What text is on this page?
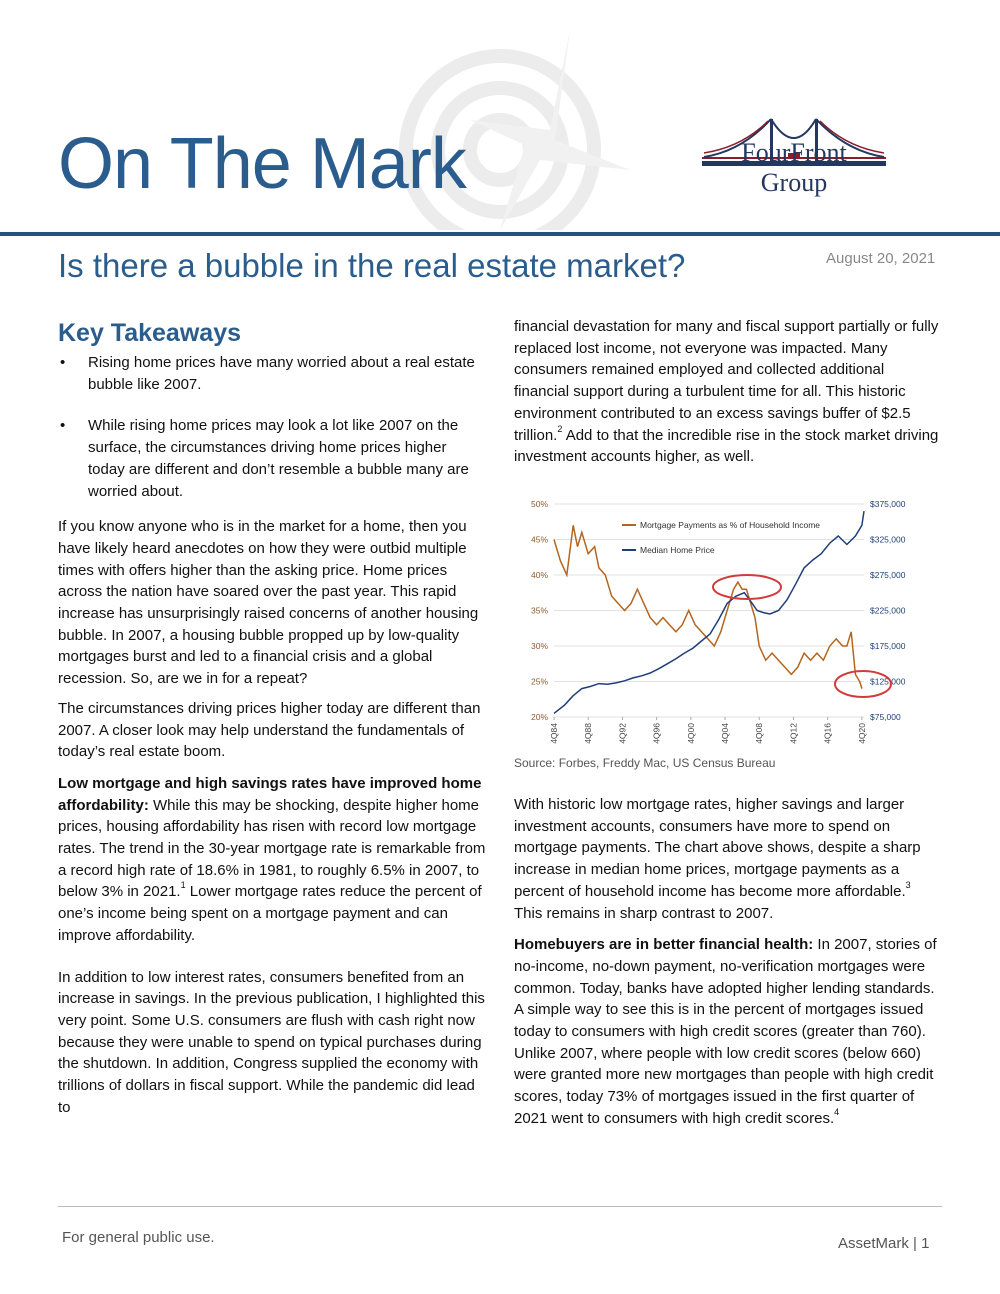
On The Mark	FourFront
Group
Is there a bubble in the real estate market?	August 20, 2021
Key Takeaways
• Rising home prices have many worried about a real estate bubble like 2007.
• While rising home prices may look a lot like 2007 on the surface, the circumstances driving home prices higher today are different and don’t resemble a bubble many are worried about.

If you know anyone who is in the market for a home, then you have likely heard anecdotes on how they were outbid multiple times with offers higher than the asking price. Home prices across the nation have soared over the past year. This rapid increase has unsurprisingly raised concerns of another housing bubble. In 2007, a housing bubble propped up by low-quality mortgages burst and led to a financial crisis and a global recession. So, are we in for a repeat?

The circumstances driving prices higher today are different than 2007. A closer look may help understand the fundamentals of today’s real estate boom.

Low mortgage and high savings rates have improved home affordability: While this may be shocking, despite higher home prices, housing affordability has risen with record low mortgage rates. The trend in the 30-year mortgage rate is remarkable from a record high rate of 18.6% in 1981, to roughly 6.5% in 2007, to below 3% in 2021.$^1$ Lower mortgage rates reduce the percent of one’s income being spent on a mortgage payment and can improve affordability.

In addition to low interest rates, consumers benefited from an increase in savings. In the previous publication, I highlighted this very point. Some U.S. consumers are flush with cash right now because they were unable to spend on typical purchases during the shutdown. In addition, Congress supplied the economy with trillions of dollars in fiscal support. While the pandemic did lead to

financial devastation for many and fiscal support partially or fully replaced lost income, not everyone was impacted. Many consumers remained employed and collected additional financial support during a turbulent time for all. This historic environment contributed to an excess savings buffer of $2.5 trillion.$^2$ Add to that the incredible rise in the stock market driving investment accounts higher, as well.

50%
45%
40%
35%
30%
25%
20%
$375,000
$325,000
$275,000
$225,000
$175,000
$125,000
$75,000
4Q84	4Q88	4Q92	4Q96	4Q00	4Q04	4Q08	4Q12	4Q16	4Q20
Mortgage Payments as % of Household Income
Median Home Price
Source: Forbes, Freddy Mac, US Census Bureau

With historic low mortgage rates, higher savings and larger investment accounts, consumers have more to spend on mortgage payments. The chart above shows, despite a sharp increase in median home prices, mortgage payments as a percent of household income has become more affordable.$^3$ This remains in sharp contrast to 2007.

Homebuyers are in better financial health: In 2007, stories of no-income, no-down payment, no-verification mortgages were common. Today, banks have adopted higher lending standards. A simple way to see this is in the percent of mortgages issued today to consumers with high credit scores (greater than 760). Unlike 2007, where people with low credit scores (below 660) were granted more new mortgages than people with high credit scores, today 73% of mortgages issued in the first quarter of 2021 went to consumers with high credit scores.$^4$

For general public use.	AssetMark | 1
